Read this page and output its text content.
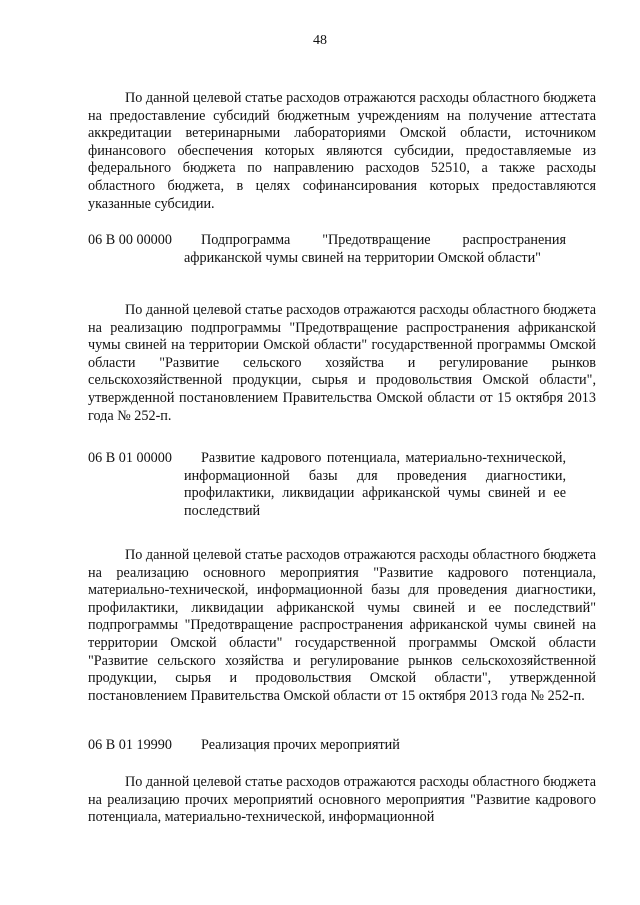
48

По данной целевой статье расходов отражаются расходы областного бюджета на предоставление субсидий бюджетным учреждениям на получение аттестата аккредитации ветеринарными лабораториями Омской области, источником финансового обеспечения которых являются субсидии, предоставляемые из федерального бюджета по направлению расходов 52510, а также расходы областного бюджета, в целях софинансирования которых предоставляются указанные субсидии.

06 В 00 00000	Подпрограмма "Предотвращение распространения африканской чумы свиней на территории Омской области"

По данной целевой статье расходов отражаются расходы областного бюджета на реализацию подпрограммы "Предотвращение распространения африканской чумы свиней на территории Омской области" государственной программы Омской области "Развитие сельского хозяйства и регулирование рынков сельскохозяйственной продукции, сырья и продовольствия Омской области", утвержденной постановлением Правительства Омской области от 15 октября 2013 года № 252-п.

06 В 01 00000	Развитие кадрового потенциала, материально-технической, информационной базы для проведения диагностики, профилактики, ликвидации африканской чумы свиней и ее последствий

По данной целевой статье расходов отражаются расходы областного бюджета на реализацию основного мероприятия "Развитие кадрового потенциала, материально-технической, информационной базы для проведения диагностики, профилактики, ликвидации африканской чумы свиней и ее последствий" подпрограммы "Предотвращение распространения африканской чумы свиней на территории Омской области" государственной программы Омской области "Развитие сельского хозяйства и регулирование рынков сельскохозяйственной продукции, сырья и продовольствия Омской области", утвержденной постановлением Правительства Омской области от 15 октября 2013 года № 252-п.

06 В 01 19990	Реализация прочих мероприятий

По данной целевой статье расходов отражаются расходы областного бюджета на реализацию прочих мероприятий основного мероприятия "Развитие кадрового потенциала, материально-технической, информационной
